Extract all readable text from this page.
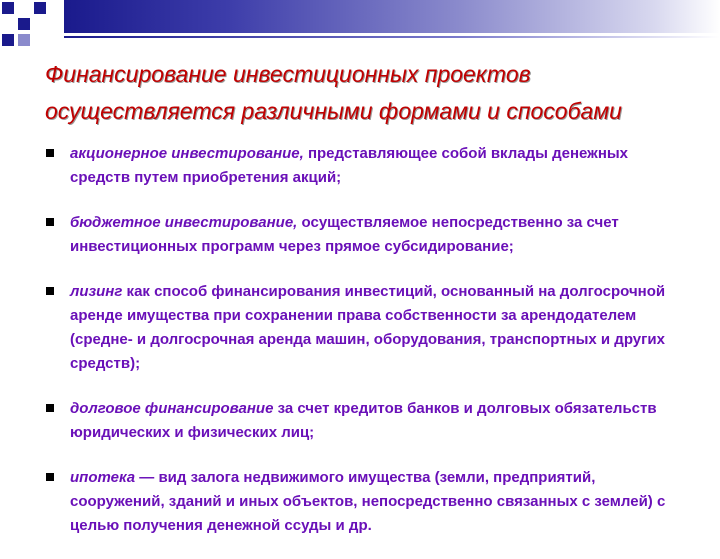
Финансирование инвестиционных проектов
осуществляется различными формами и способами
акционерное инвестирование, представляющее собой вклады денежных средств путем приобретения акций;
бюджетное инвестирование, осуществляемое непосредственно за счет инвестиционных программ через прямое субсидирование;
лизинг как способ финансирования инвестиций, основанный на долгосрочной аренде имущества при сохранении права собственности за арендодателем (средне- и долгосрочная аренда машин, оборудования, транспортных и других средств);
долговое финансирование за счет кредитов банков и долговых обязательств юридических и физических лиц;
ипотека — вид залога недвижимого имущества (земли, предприятий, сооружений, зданий и иных объектов, непосредственно связанных с землей) с целью получения денежной ссуды и др.
